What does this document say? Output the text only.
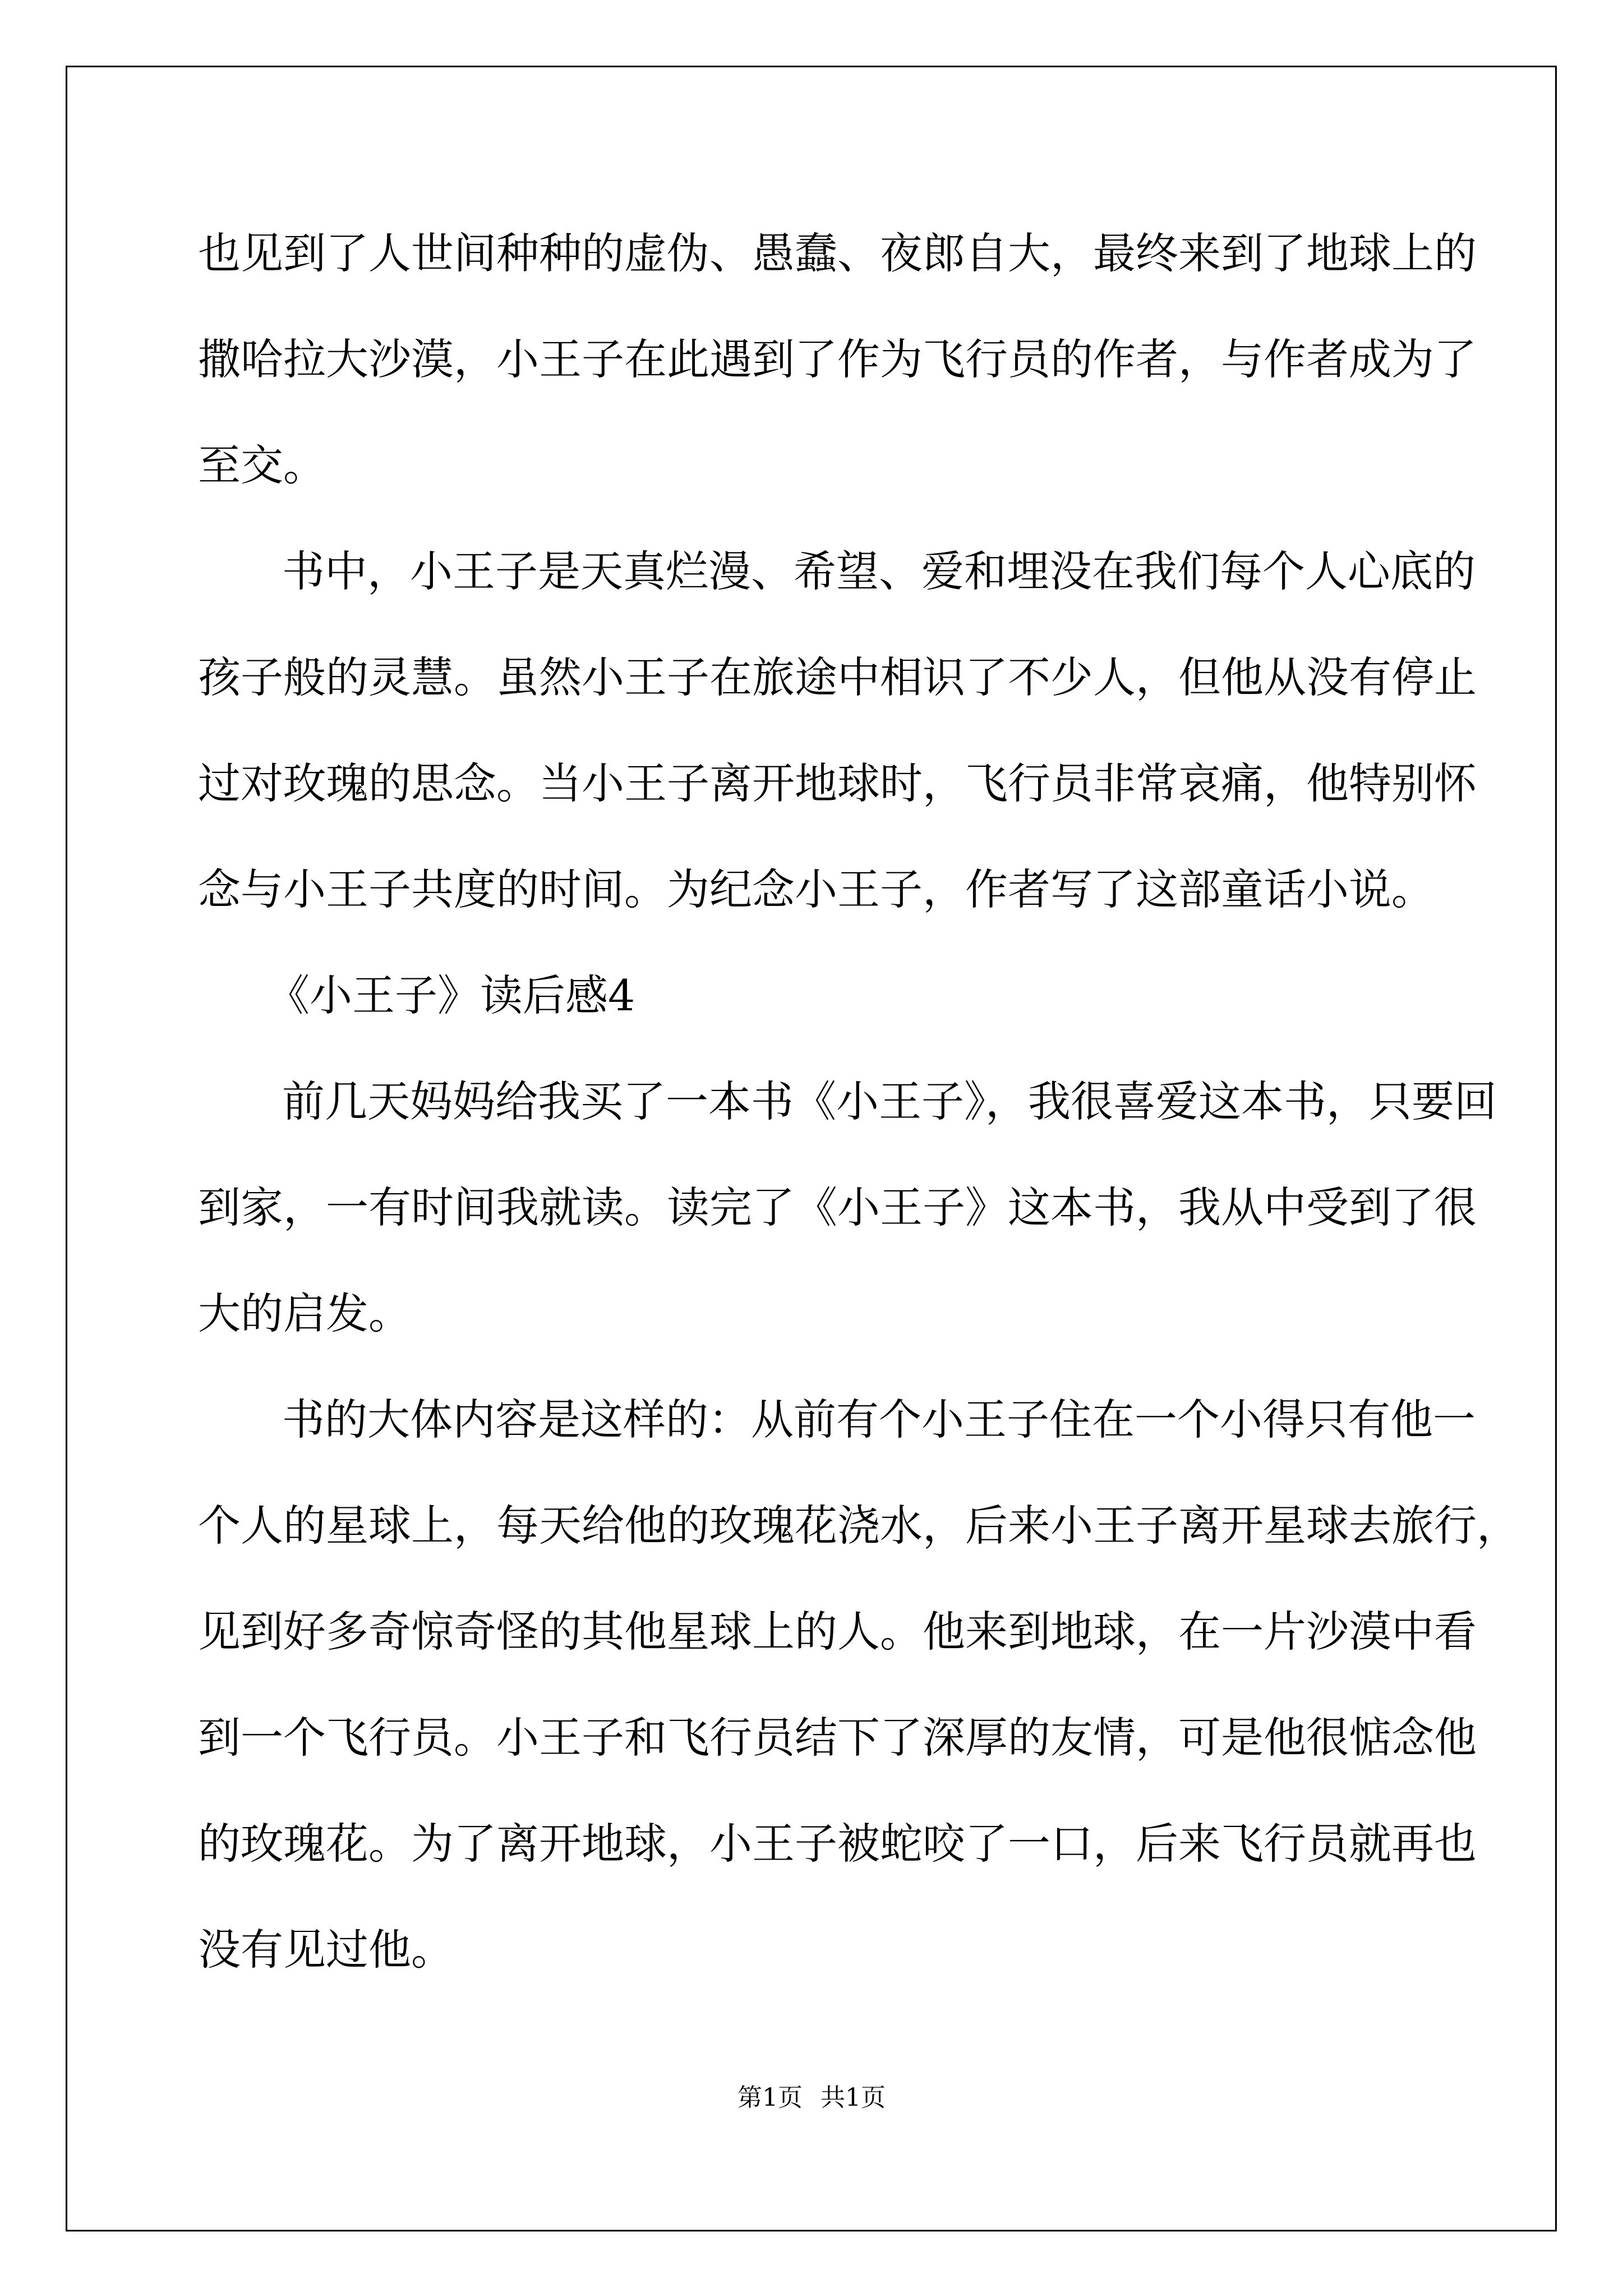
也见到了人世间种种的虚伪、愚蠢、夜郎自大，最终来到了地球上的
撒哈拉大沙漠，小王子在此遇到了作为飞行员的作者，与作者成为了
至交。
书中，小王子是天真烂漫、希望、爱和埋没在我们每个人心底的
孩子般的灵慧。虽然小王子在旅途中相识了不少人，但他从没有停止
过对玫瑰的思念。当小王子离开地球时，飞行员非常哀痛，他特别怀
念与小王子共度的时间。为纪念小王子，作者写了这部童话小说。
《小王子》读后感4
前几天妈妈给我买了一本书《小王子》，我很喜爱这本书，只要回
到家，一有时间我就读。读完了《小王子》这本书，我从中受到了很
大的启发。
书的大体内容是这样的：从前有个小王子住在一个小得只有他一
个人的星球上，每天给他的玫瑰花浇水，后来小王子离开星球去旅行，
见到好多奇惊奇怪的其他星球上的人。他来到地球，在一片沙漠中看
到一个飞行员。小王子和飞行员结下了深厚的友情，可是他很惦念他
的玫瑰花。为了离开地球，小王子被蛇咬了一口，后来飞行员就再也
没有见过他。
第1页 共1页
